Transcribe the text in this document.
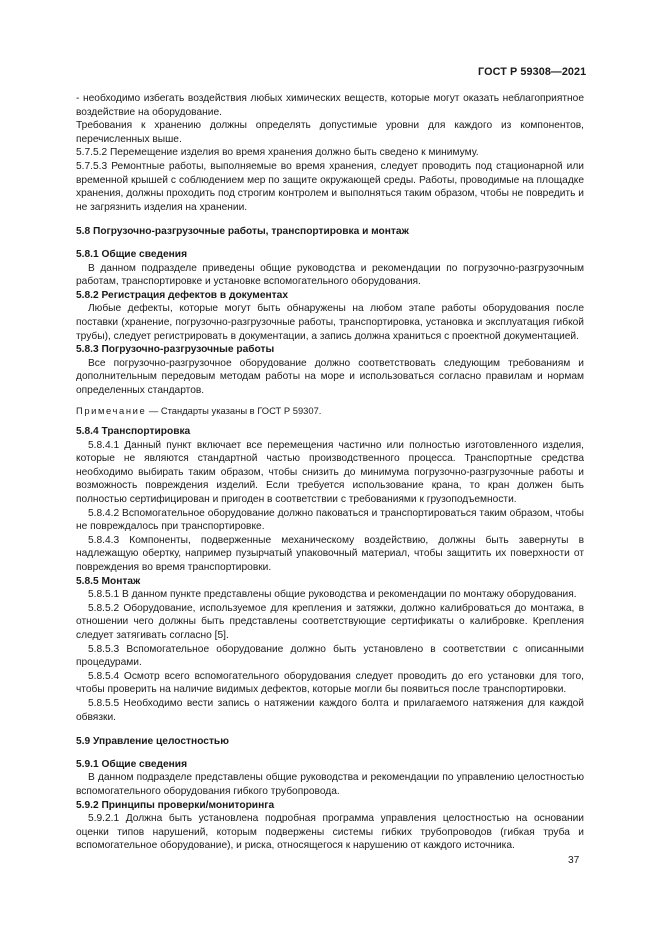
ГОСТ Р 59308—2021

- необходимо избегать воздействия любых химических веществ, которые могут оказать неблагоприятное воздействие на оборудование.

Требования к хранению должны определять допустимые уровни для каждого из компонентов, перечисленных выше.

5.7.5.2 Перемещение изделия во время хранения должно быть сведено к минимуму.

5.7.5.3 Ремонтные работы, выполняемые во время хранения, следует проводить под стационарной или временной крышей с соблюдением мер по защите окружающей среды. Работы, проводимые на площадке хранения, должны проходить под строгим контролем и выполняться таким образом, чтобы не повредить и не загрязнить изделия на хранении.

5.8 Погрузочно-разгрузочные работы, транспортировка и монтаж

5.8.1 Общие сведения

В данном подразделе приведены общие руководства и рекомендации по погрузочно-разгрузочным работам, транспортировке и установке вспомогательного оборудования.

5.8.2 Регистрация дефектов в документах

Любые дефекты, которые могут быть обнаружены на любом этапе работы оборудования после поставки (хранение, погрузочно-разгрузочные работы, транспортировка, установка и эксплуатация гибкой трубы), следует регистрировать в документации, а запись должна храниться с проектной документацией.

5.8.3 Погрузочно-разгрузочные работы

Все погрузочно-разгрузочное оборудование должно соответствовать следующим требованиям и дополнительным передовым методам работы на море и использоваться согласно правилам и нормам определенных стандартов.

Примечание — Стандарты указаны в ГОСТ Р 59307.

5.8.4 Транспортировка

5.8.4.1 Данный пункт включает все перемещения частично или полностью изготовленного изделия, которые не являются стандартной частью производственного процесса. Транспортные средства необходимо выбирать таким образом, чтобы снизить до минимума погрузочно-разгрузочные работы и возможность повреждения изделий. Если требуется использование крана, то кран должен быть полностью сертифицирован и пригоден в соответствии с требованиями к грузоподъемности.

5.8.4.2 Вспомогательное оборудование должно паковаться и транспортироваться таким образом, чтобы не повреждалось при транспортировке.

5.8.4.3 Компоненты, подверженные механическому воздействию, должны быть завернуты в надлежащую обертку, например пузырчатый упаковочный материал, чтобы защитить их поверхности от повреждения во время транспортировки.

5.8.5 Монтаж

5.8.5.1 В данном пункте представлены общие руководства и рекомендации по монтажу оборудования.

5.8.5.2 Оборудование, используемое для крепления и затяжки, должно калиброваться до монтажа, в отношении чего должны быть представлены соответствующие сертификаты о калибровке. Крепления следует затягивать согласно [5].

5.8.5.3 Вспомогательное оборудование должно быть установлено в соответствии с описанными процедурами.

5.8.5.4 Осмотр всего вспомогательного оборудования следует проводить до его установки для того, чтобы проверить на наличие видимых дефектов, которые могли бы появиться после транспортировки.

5.8.5.5 Необходимо вести запись о натяжении каждого болта и прилагаемого натяжения для каждой обвязки.

5.9 Управление целостностью

5.9.1 Общие сведения

В данном подразделе представлены общие руководства и рекомендации по управлению целостностью вспомогательного оборудования гибкого трубопровода.

5.9.2 Принципы проверки/мониторинга

5.9.2.1 Должна быть установлена подробная программа управления целостностью на основании оценки типов нарушений, которым подвержены системы гибких трубопроводов (гибкая труба и вспомогательное оборудование), и риска, относящегося к нарушению от каждого источника.

37
